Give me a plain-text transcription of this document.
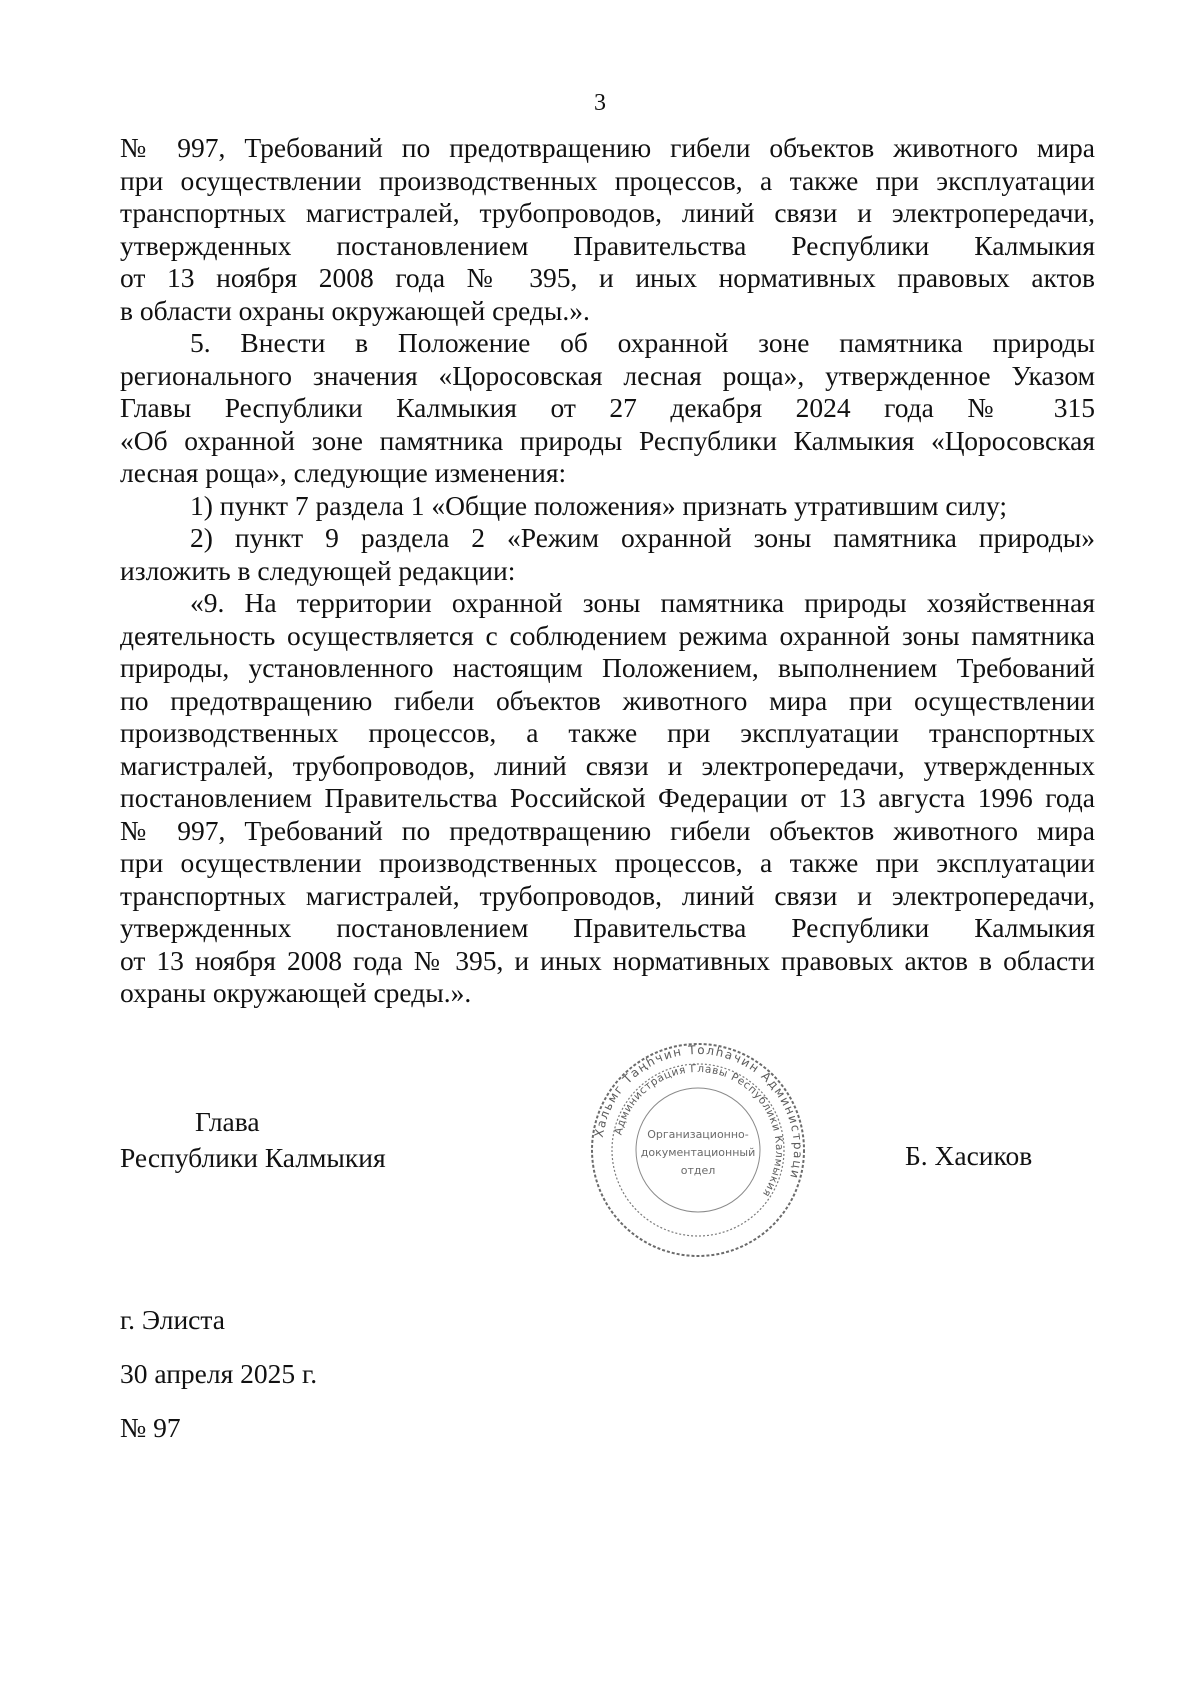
3
№ 997, Требований по предотвращению гибели объектов животного мира
при осуществлении производственных процессов, а также при эксплуатации
транспортных магистралей, трубопроводов, линий связи и электропередачи,
утвержденных постановлением Правительства Республики Калмыкия
от 13 ноября 2008 года № 395, и иных нормативных правовых актов
в области охраны окружающей среды.».
5. Внести в Положение об охранной зоне памятника природы
регионального значения «Цоросовская лесная роща», утвержденное Указом
Главы Республики Калмыкия от 27 декабря 2024 года № 315
«Об охранной зоне памятника природы Республики Калмыкия «Цоросовская
лесная роща», следующие изменения:
1) пункт 7 раздела 1 «Общие положения» признать утратившим силу;
2) пункт 9 раздела 2 «Режим охранной зоны памятника природы»
изложить в следующей редакции:
«9. На территории охранной зоны памятника природы хозяйственная
деятельность осуществляется с соблюдением режима охранной зоны памятника
природы, установленного настоящим Положением, выполнением Требований
по предотвращению гибели объектов животного мира при осуществлении
производственных процессов, а также при эксплуатации транспортных
магистралей, трубопроводов, линий связи и электропередачи, утвержденных
постановлением Правительства Российской Федерации от 13 августа 1996 года
№ 997, Требований по предотвращению гибели объектов животного мира
при осуществлении производственных процессов, а также при эксплуатации
транспортных магистралей, трубопроводов, линий связи и электропередачи,
утвержденных постановлением Правительства Республики Калмыкия
от 13 ноября 2008 года № 395, и иных нормативных правовых актов в области
охраны окружающей среды.».
Глава
Республики Калмыкия
Хальмг Таңһчин Толһачин Администраци
Администрация Главы Республики Калмыкия
Организационно-
документационный
отдел	Б. Хасиков
г. Элиста
30 апреля 2025 г.
№ 97
